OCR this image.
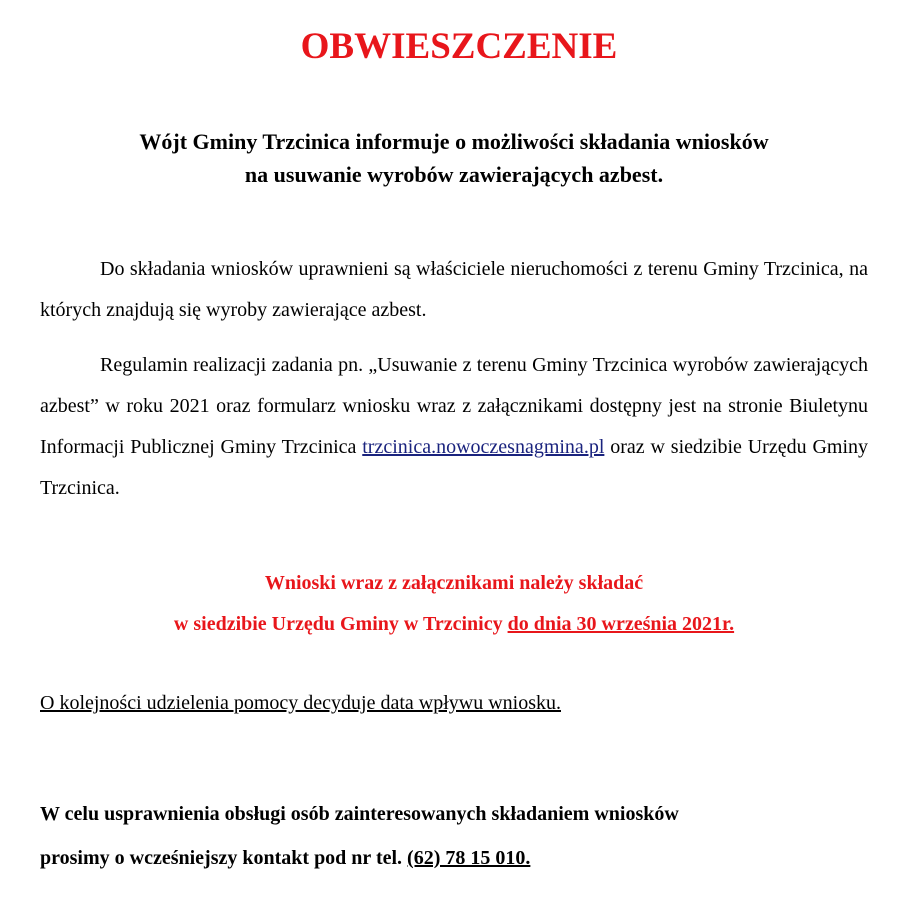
OBWIESZCZENIE
Wójt Gminy Trzcinica informuje o możliwości składania wniosków
na usuwanie wyrobów zawierających azbest.

Do składania wniosków uprawnieni są właściciele nieruchomości z terenu Gminy Trzcinica, na których znajdują się wyroby zawierające azbest.

Regulamin realizacji zadania pn. „Usuwanie z terenu Gminy Trzcinica wyrobów zawierających azbest” w roku 2021 oraz formularz wniosku wraz z załącznikami dostępny jest na stronie Biuletynu Informacji Publicznej Gminy Trzcinica trzcinica.nowoczesnagmina.pl oraz w siedzibie Urzędu Gminy Trzcinica.

Wnioski wraz z załącznikami należy składać
w siedzibie Urzędu Gminy w Trzcinicy do dnia 30 września 2021r.

O kolejności udzielenia pomocy decyduje data wpływu wniosku.

W celu usprawnienia obsługi osób zainteresowanych składaniem wniosków
prosimy o wcześniejszy kontakt pod nr tel. (62) 78 15 010.
